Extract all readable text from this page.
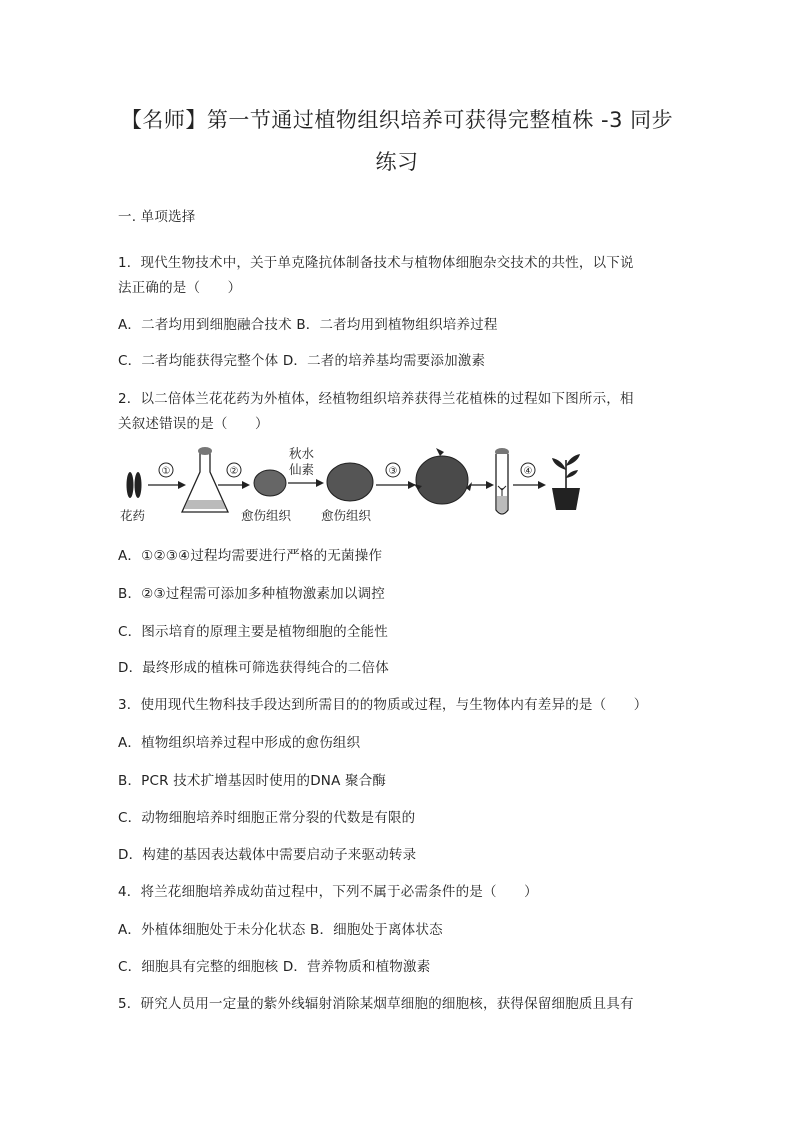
【名师】第一节通过植物组织培养可获得完整植株 -3 同步
练习
一. 单项选择
1．现代生物技术中，关于单克隆抗体制备技术与植物体细胞杂交技术的共性，以下说
法正确的是（　　）
A．二者均用到细胞融合技术 B．二者均用到植物组织培养过程
C．二者均能获得完整个体 D．二者的培养基均需要添加激素
2．以二倍体兰花花药为外植体，经植物组织培养获得兰花植株的过程如下图所示，相
关叙述错误的是（　　）
花药
①	②
愈伤组织
秋水
仙素
愈伤组织
③	④
A．①②③④过程均需要进行严格的无菌操作
B．②③过程需可添加多种植物激素加以调控
C．图示培育的原理主要是植物细胞的全能性
D．最终形成的植株可筛选获得纯合的二倍体
3．使用现代生物科技手段达到所需目的的物质或过程，与生物体内有差异的是（　　）
A．植物组织培养过程中形成的愈伤组织
B．PCR 技术扩增基因时使用的DNA 聚合酶
C．动物细胞培养时细胞正常分裂的代数是有限的
D．构建的基因表达载体中需要启动子来驱动转录
4．将兰花细胞培养成幼苗过程中，下列不属于必需条件的是（　　）
A．外植体细胞处于未分化状态 B．细胞处于离体状态
C．细胞具有完整的细胞核 D．营养物质和植物激素
5．研究人员用一定量的紫外线辐射消除某烟草细胞的细胞核，获得保留细胞质且具有
